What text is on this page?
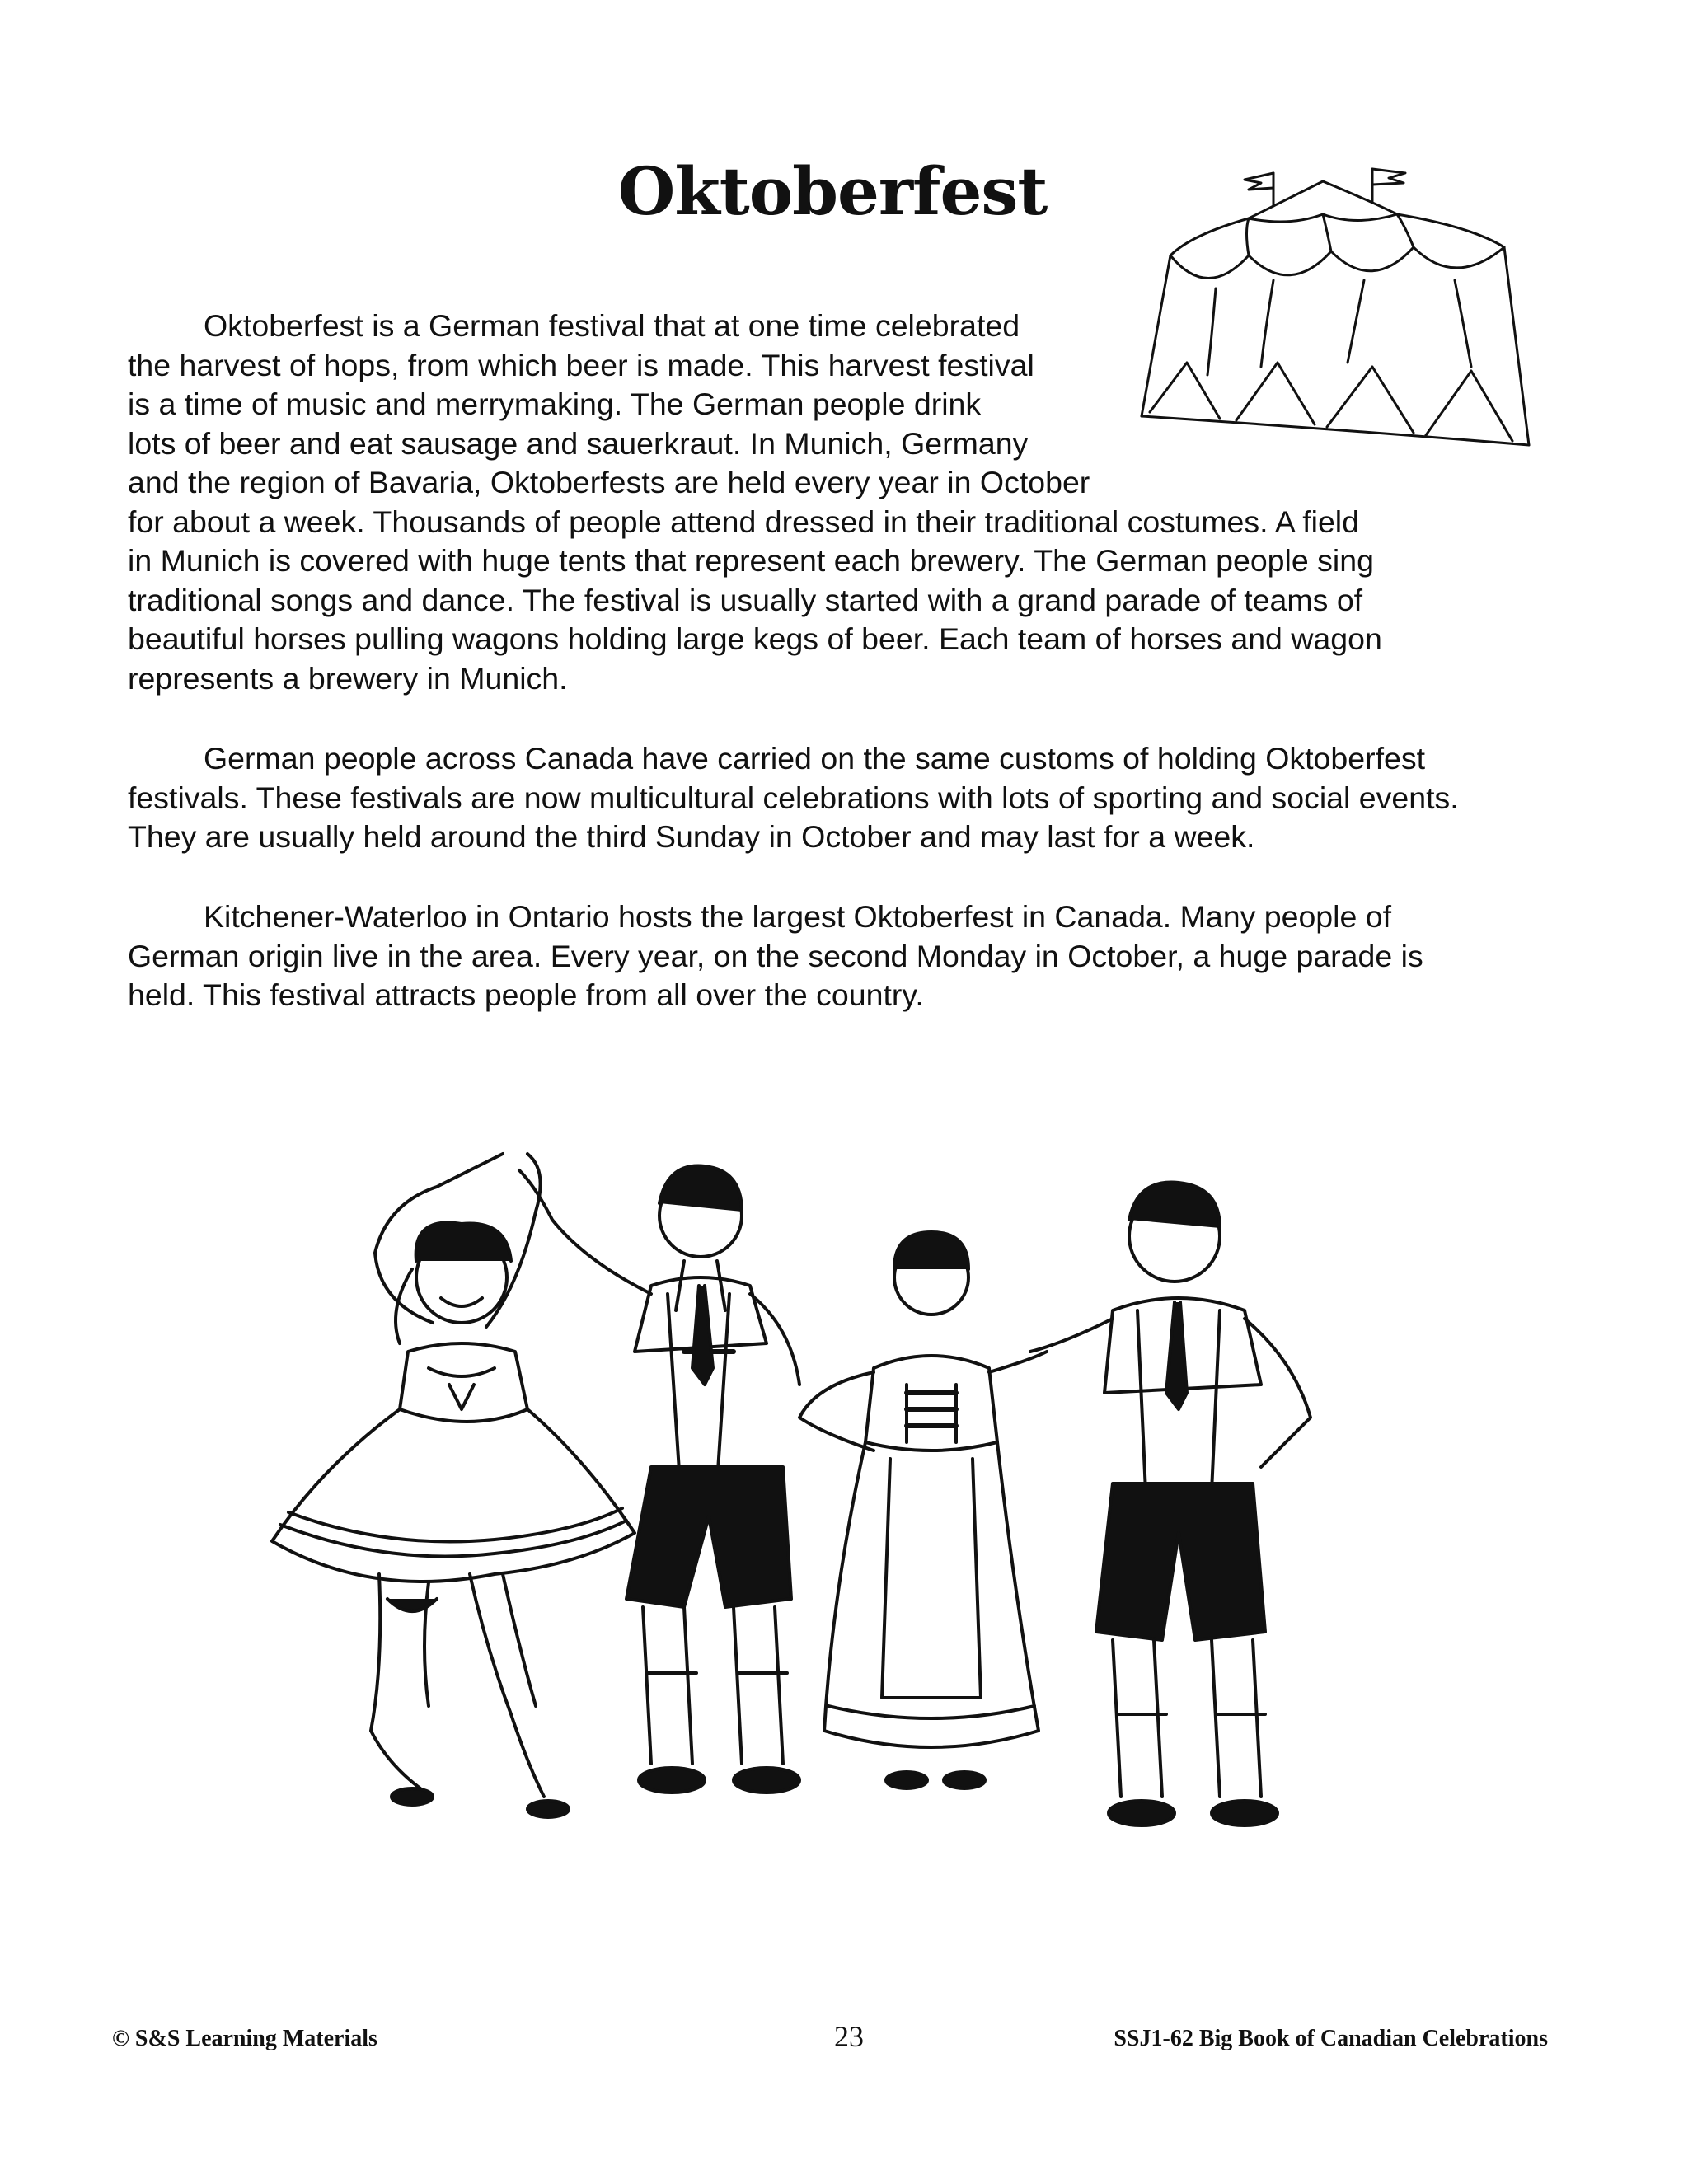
Oktoberfest

Oktoberfest is a German festival that at one time celebrated
the harvest of hops, from which beer is made. This harvest festival
is a time of music and merrymaking. The German people drink
lots of beer and eat sausage and sauerkraut. In Munich, Germany
and the region of Bavaria, Oktoberfests are held every year in October
for about a week. Thousands of people attend dressed in their traditional costumes. A field
in Munich is covered with huge tents that represent each brewery. The German people sing
traditional songs and dance. The festival is usually started with a grand parade of teams of
beautiful horses pulling wagons holding large kegs of beer. Each team of horses and wagon
represents a brewery in Munich.

German people across Canada have carried on the same customs of holding Oktoberfest
festivals. These festivals are now multicultural celebrations with lots of sporting and social events.
They are usually held around the third Sunday in October and may last for a week.

Kitchener-Waterloo in Ontario hosts the largest Oktoberfest in Canada. Many people of
German origin live in the area. Every year, on the second Monday in October, a huge parade is
held. This festival attracts people from all over the country.

© S&S Learning Materials	23	SSJ1-62 Big Book of Canadian Celebrations
